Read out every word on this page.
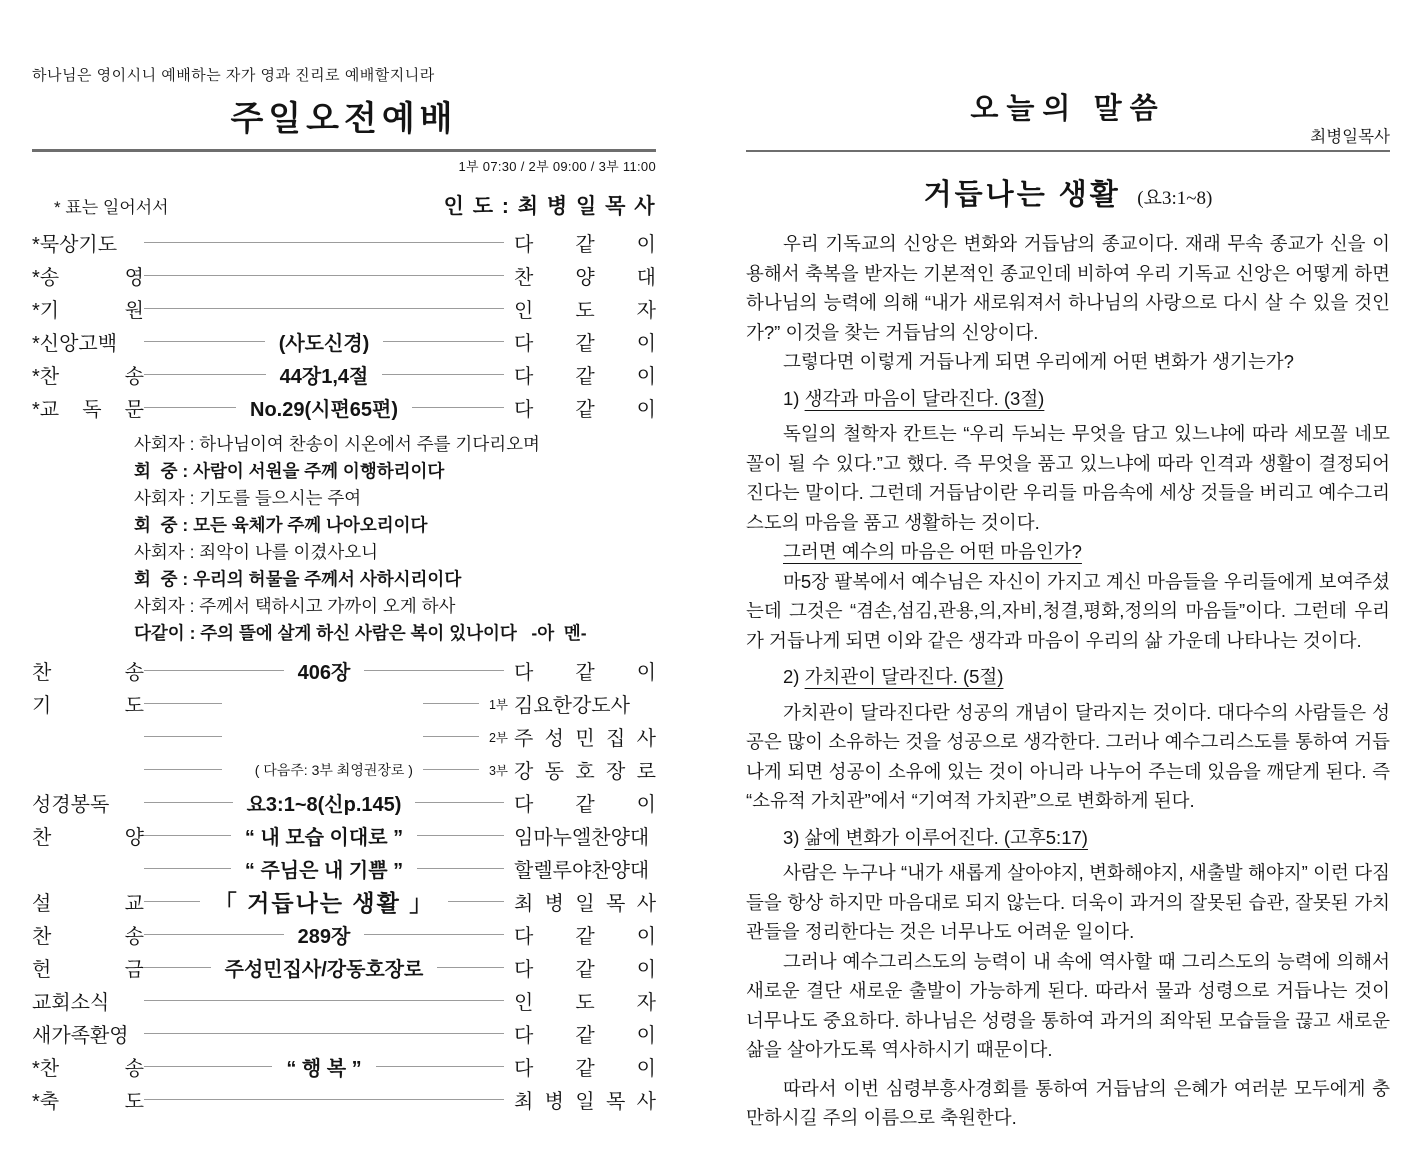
하나님은 영이시니 예배하는 자가 영과 진리로 예배할지니라
주일오전예배
1부 07:30 / 2부 09:00 / 3부 11:00
* 표는 일어서서	인 도 : 최 병 일 목 사
*묵상기도	다 같 이
*송 영	찬 양 대
*기 원	인 도 자
*신앙고백	(사도신경)	다 같 이
*찬 송	44장1,4절	다 같 이
*교 독 문	No.29(시편65편)	다 같 이
사회자 : 하나님이여 찬송이 시온에서 주를 기다리오며
회  중 : 사람이 서원을 주께 이행하리이다
사회자 : 기도를 들으시는 주여
회  중 : 모든 육체가 주께 나아오리이다
사회자 : 죄악이 나를 이겼사오니
회  중 : 우리의 허물을 주께서 사하시리이다
사회자 : 주께서 택하시고 가까이 오게 하사
다같이 : 주의 뜰에 살게 하신 사람은 복이 있나이다   -아  멘-
찬 송	406장	다 같 이
기 도	1부 김요한강도사
2부 주 성 민 집 사
( 다음주: 3부 최영권장로 )	3부 강 동 호 장 로
성경봉독	요3:1~8(신p.145)	다 같 이
찬 양	“ 내 모습 이대로 ”	임마누엘찬양대
“ 주님은 내 기쁨 ”	할렐루야찬양대
설 교	「 거듭나는 생활 」	최 병 일 목 사
찬 송	289장	다 같 이
헌 금	주성민집사/강동호장로	다 같 이
교회소식	인 도 자
새가족환영	다 같 이
*찬 송	“ 행 복 ”	다 같 이
*축 도	최 병 일 목 사
오늘의 말씀
최병일목사
거듭나는 생활 (요3:1~8)

우리 기독교의 신앙은 변화와 거듭남의 종교이다. 재래 무속 종교가 신을 이용해서 축복을 받자는 기본적인 종교인데 비하여 우리 기독교 신앙은 어떻게 하면 하나님의 능력에 의해 “내가 새로워져서 하나님의 사랑으로 다시 살 수 있을 것인가?” 이것을 찾는 거듭남의 신앙이다.

그렇다면 이렇게 거듭나게 되면 우리에게 어떤 변화가 생기는가?

1) 생각과 마음이 달라진다. (3절)

독일의 철학자 칸트는 “우리 두뇌는 무엇을 담고 있느냐에 따라 세모꼴 네모꼴이 될 수 있다.”고 했다. 즉 무엇을 품고 있느냐에 따라 인격과 생활이 결정되어 진다는 말이다. 그런데 거듭남이란 우리들 마음속에 세상 것들을 버리고 예수그리스도의 마음을 품고 생활하는 것이다.

그러면 예수의 마음은 어떤 마음인가?

마5장 팔복에서 예수님은 자신이 가지고 계신 마음들을 우리들에게 보여주셨는데 그것은 “겸손,섬김,관용,의,자비,청결,평화,정의의 마음들”이다. 그런데 우리가 거듭나게 되면 이와 같은 생각과 마음이 우리의 삶 가운데 나타나는 것이다.

2) 가치관이 달라진다. (5절)

가치관이 달라진다란 성공의 개념이 달라지는 것이다. 대다수의 사람들은 성공은 많이 소유하는 것을 성공으로 생각한다. 그러나 예수그리스도를 통하여 거듭나게 되면 성공이 소유에 있는 것이 아니라 나누어 주는데 있음을 깨닫게 된다. 즉 “소유적 가치관”에서 “기여적 가치관”으로 변화하게 된다.

3) 삶에 변화가 이루어진다. (고후5:17)

사람은 누구나 “내가 새롭게 살아야지, 변화해야지, 새출발 해야지” 이런 다짐들을 항상 하지만 마음대로 되지 않는다. 더욱이 과거의 잘못된 습관, 잘못된 가치관들을 정리한다는 것은 너무나도 어려운 일이다.

그러나 예수그리스도의 능력이 내 속에 역사할 때 그리스도의 능력에 의해서 새로운 결단 새로운 출발이 가능하게 된다. 따라서 물과 성령으로 거듭나는 것이 너무나도 중요하다. 하나님은 성령을 통하여 과거의 죄악된 모습들을 끊고 새로운 삶을 살아가도록 역사하시기 때문이다.

따라서 이번 심령부흥사경회를 통하여 거듭남의 은혜가 여러분 모두에게 충만하시길 주의 이름으로 축원한다.
